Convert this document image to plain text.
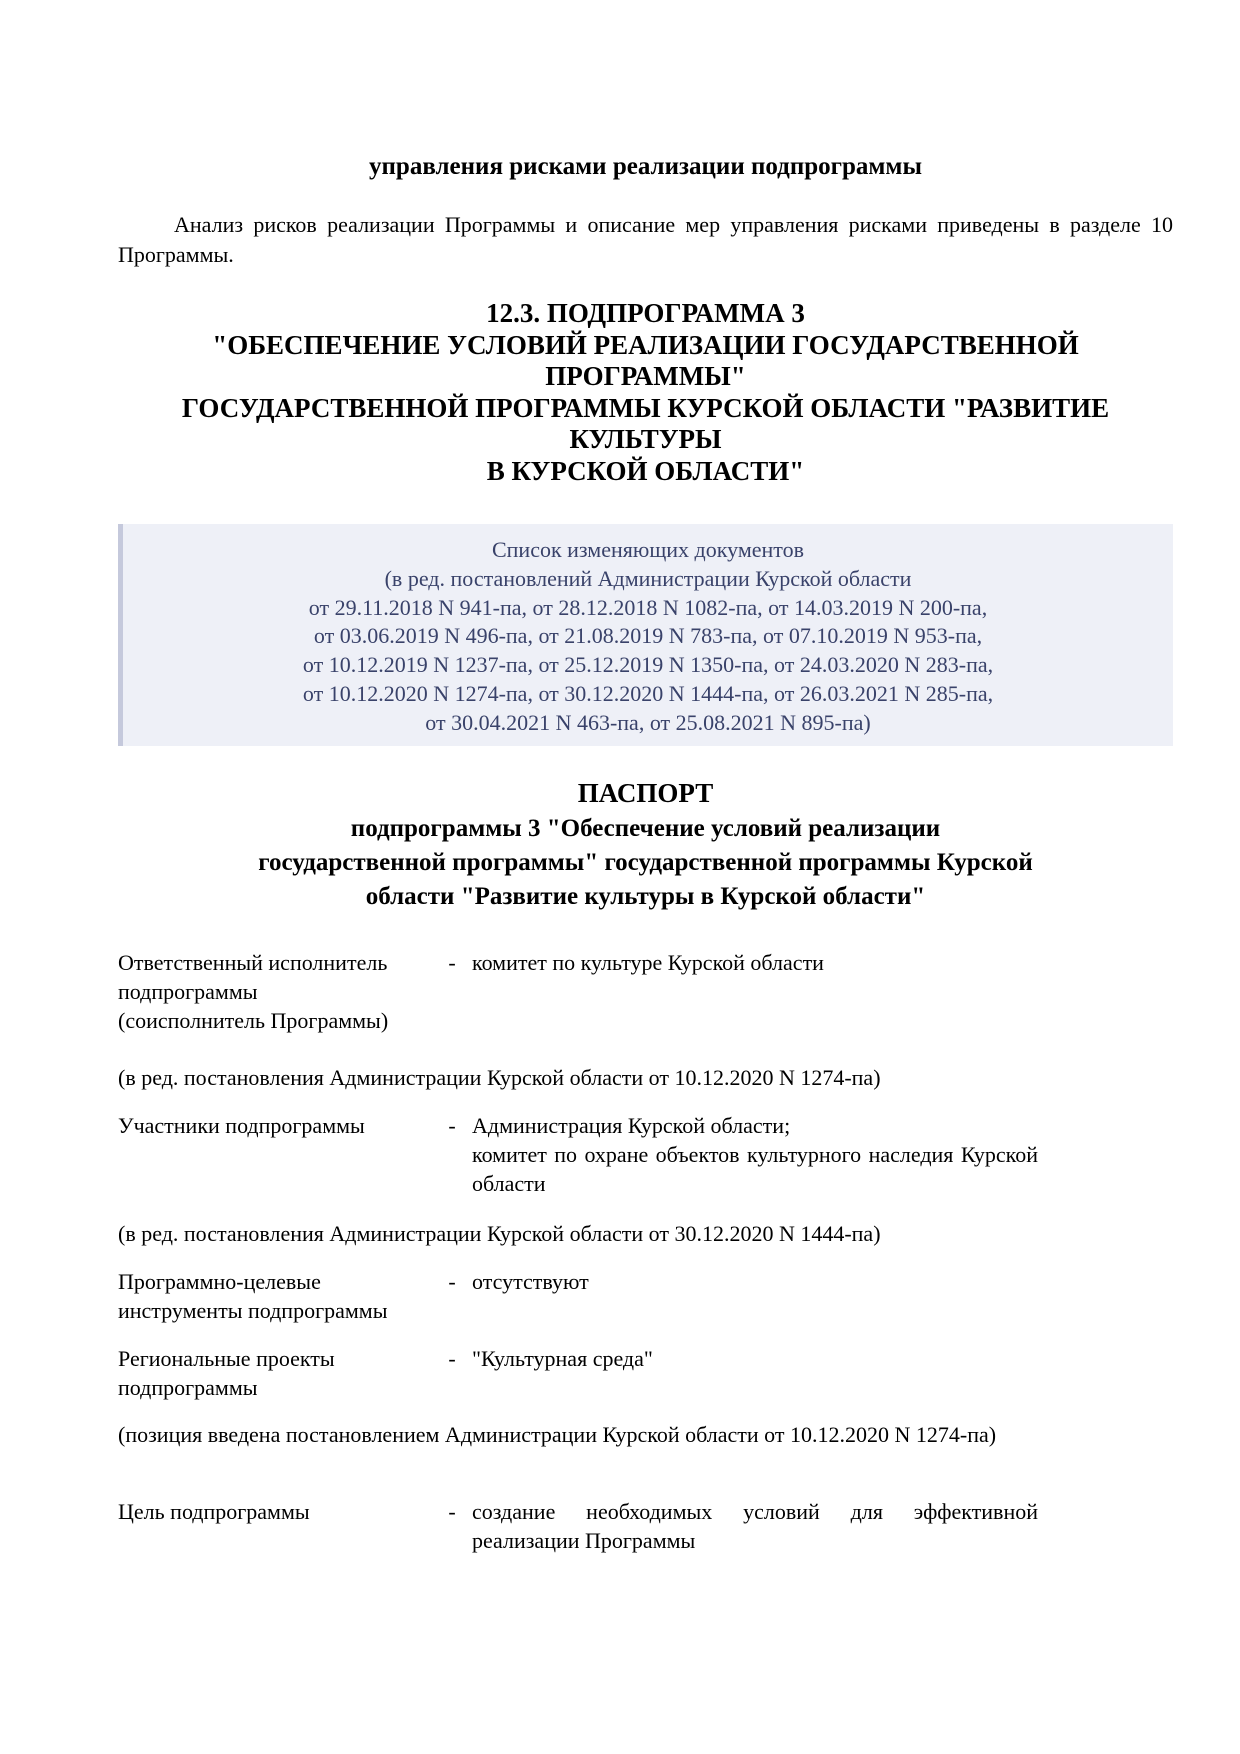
управления рисками реализации подпрограммы
Анализ рисков реализации Программы и описание мер управления рисками приведены в разделе 10 Программы.
12.3. ПОДПРОГРАММА 3
"ОБЕСПЕЧЕНИЕ УСЛОВИЙ РЕАЛИЗАЦИИ ГОСУДАРСТВЕННОЙ
ПРОГРАММЫ"
ГОСУДАРСТВЕННОЙ ПРОГРАММЫ КУРСКОЙ ОБЛАСТИ "РАЗВИТИЕ
КУЛЬТУРЫ
В КУРСКОЙ ОБЛАСТИ"
Список изменяющих документов
(в ред. постановлений Администрации Курской области
от 29.11.2018 N 941-па, от 28.12.2018 N 1082-па, от 14.03.2019 N 200-па,
от 03.06.2019 N 496-па, от 21.08.2019 N 783-па, от 07.10.2019 N 953-па,
от 10.12.2019 N 1237-па, от 25.12.2019 N 1350-па, от 24.03.2020 N 283-па,
от 10.12.2020 N 1274-па, от 30.12.2020 N 1444-па, от 26.03.2021 N 285-па,
от 30.04.2021 N 463-па, от 25.08.2021 N 895-па)
ПАСПОРТ
подпрограммы 3 "Обеспечение условий реализации
государственной программы" государственной программы Курской
области "Развитие культуры в Курской области"
Ответственный исполнитель
подпрограммы
(соисполнитель Программы)
- комитет по культуре Курской области
(в ред. постановления Администрации Курской области от 10.12.2020 N 1274-па)
Участники подпрограммы	- Администрация Курской области;
комитет по охране объектов культурного наследия Курской области
(в ред. постановления Администрации Курской области от 30.12.2020 N 1444-па)
Программно-целевые
инструменты подпрограммы
- отсутствуют
Региональные проекты
подпрограммы
- "Культурная среда"
(позиция введена постановлением Администрации Курской области от 10.12.2020 N 1274-па)
Цель подпрограммы	- создание необходимых условий для эффективной реализации Программы
